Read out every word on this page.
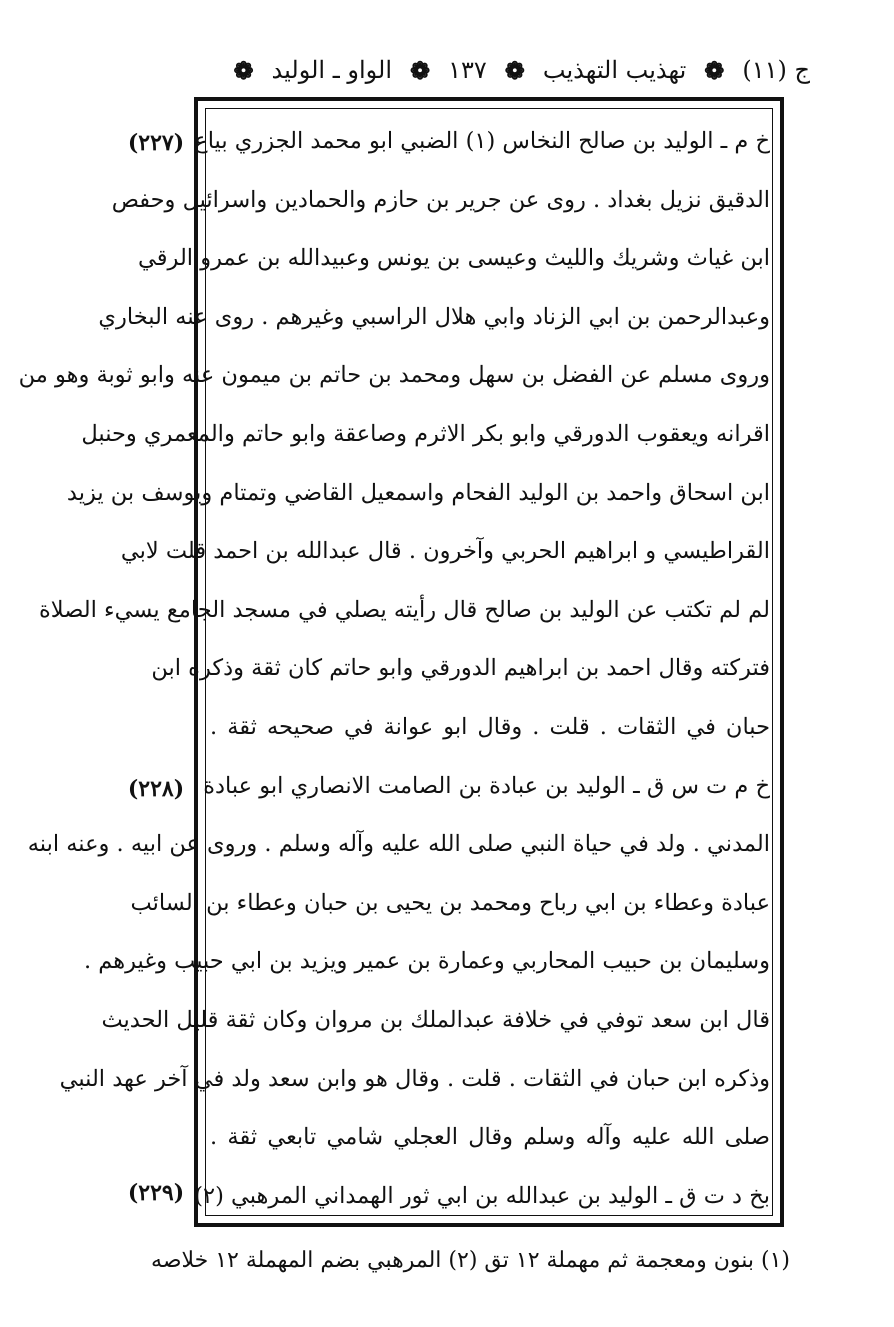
ج (١١)
❁
تهذيب التهذيب
❁
١٣٧
❁
الواو ـ الوليد
❁
(٢٢٧)
(٢٢٨)
(٢٢٩)
خ م ـ الوليد بن صالح النخاس (١) الضبي ابو محمد الجزري بياع
الدقيق نزيل بغداد . روى عن جرير بن حازم والحمادين واسرائيل وحفص
ابن غياث وشريك والليث وعيسى بن يونس وعبيدالله بن عمرو الرقي
وعبدالرحمن بن ابي الزناد وابي هلال الراسبي وغيرهم . روى عنه البخاري
وروى مسلم عن الفضل بن سهل ومحمد بن حاتم بن ميمون عنه وابو ثوبة وهو من
اقرانه ويعقوب الدورقي وابو بكر الاثرم وصاعقة وابو حاتم والمعمري وحنبل
ابن اسحاق واحمد بن الوليد الفحام واسمعيل القاضي وتمتام ويوسف بن يزيد
القراطيسي و ابراهيم الحربي وآخرون . قال عبدالله بن احمد قلت لابي
لم لم تكتب عن الوليد بن صالح قال رأيته يصلي في مسجد الجامع يسيء الصلاة
فتركته وقال احمد بن ابراهيم الدورقي وابو حاتم كان ثقة وذكره ابن
حبان في الثقات . قلت . وقال ابو عوانة في صحيحه ثقة .
خ م ت س ق ـ الوليد بن عبادة بن الصامت الانصاري ابو عبادة
المدني . ولد في حياة النبي صلى الله عليه وآله وسلم . وروى عن ابيه . وعنه ابنه
عبادة وعطاء بن ابي رباح ومحمد بن يحيى بن حبان وعطاء بن السائب
وسليمان بن حبيب المحاربي وعمارة بن عمير ويزيد بن ابي حبيب وغيرهم .
قال ابن سعد توفي في خلافة عبدالملك بن مروان وكان ثقة قليل الحديث
وذكره ابن حبان في الثقات . قلت . وقال هو وابن سعد ولد في آخر عهد النبي
صلى الله عليه وآله وسلم وقال العجلي شامي تابعي ثقة .
بخ د ت ق ـ الوليد بن عبدالله بن ابي ثور الهمداني المرهبي (٢)
(١) بنون ومعجمة ثم مهملة ١٢ تق (٢) المرهبي بضم المهملة ١٢ خلاصه
